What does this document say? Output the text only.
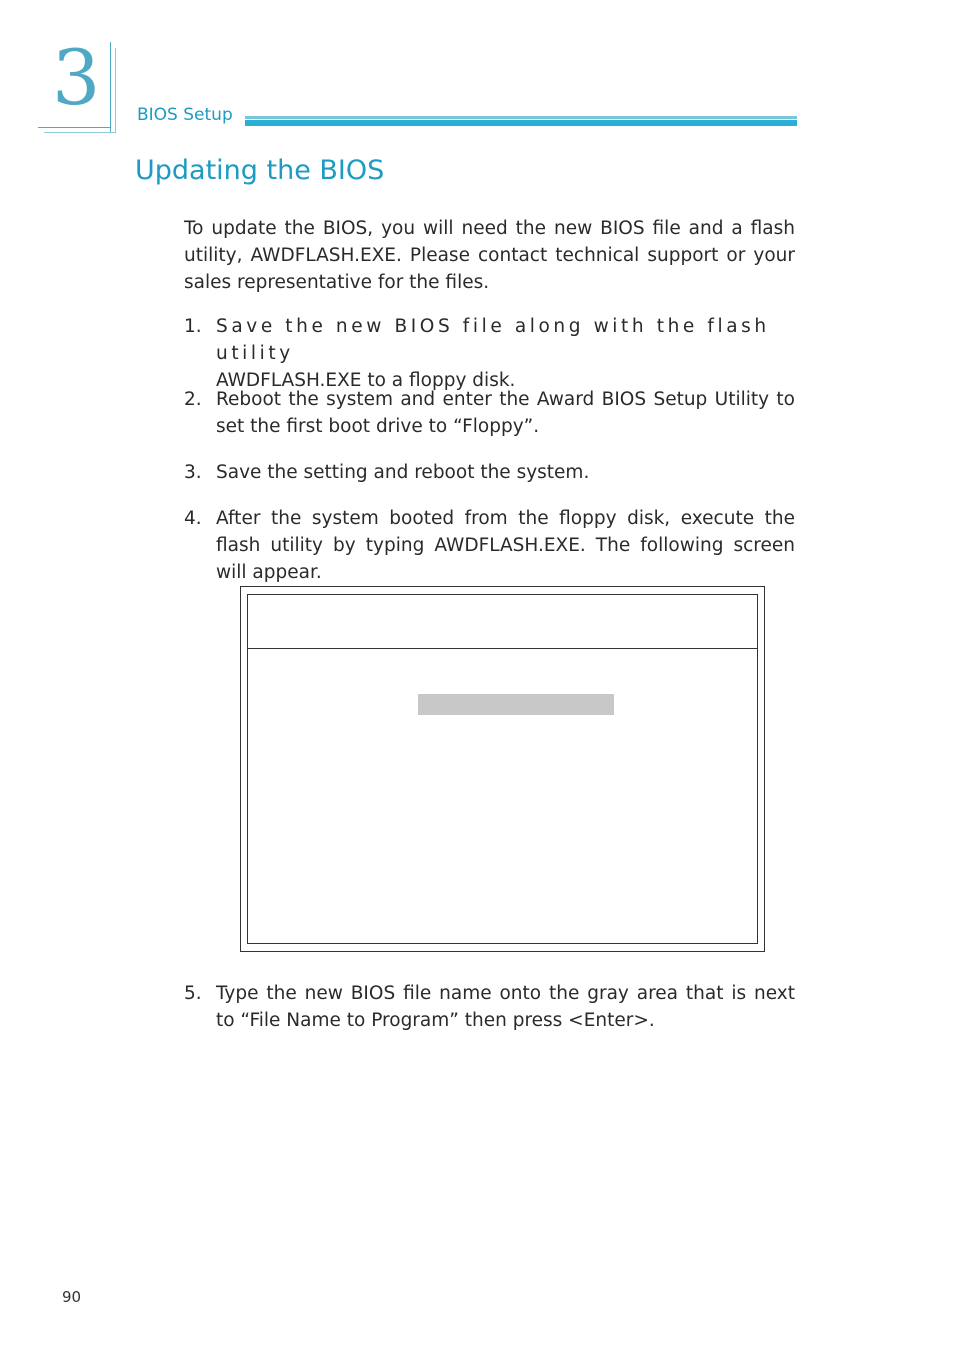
3 BIOS Setup
Updating the BIOS

To update the BIOS, you will need the new BIOS file and a flash utility, AWDFLASH.EXE. Please contact technical support or your sales representative for the files.

1. Save the new BIOS file along with the flash utility
AWDFLASH.EXE to a floppy disk.
2. Reboot the system and enter the Award BIOS Setup Utility to set the first boot drive to “Floppy”.
3. Save the setting and reboot the system.
4. After the system booted from the floppy disk, execute the flash utility by typing AWDFLASH.EXE. The following screen will appear.
5. Type the new BIOS file name onto the gray area that is next to “File Name to Program” then press <Enter>.
90
